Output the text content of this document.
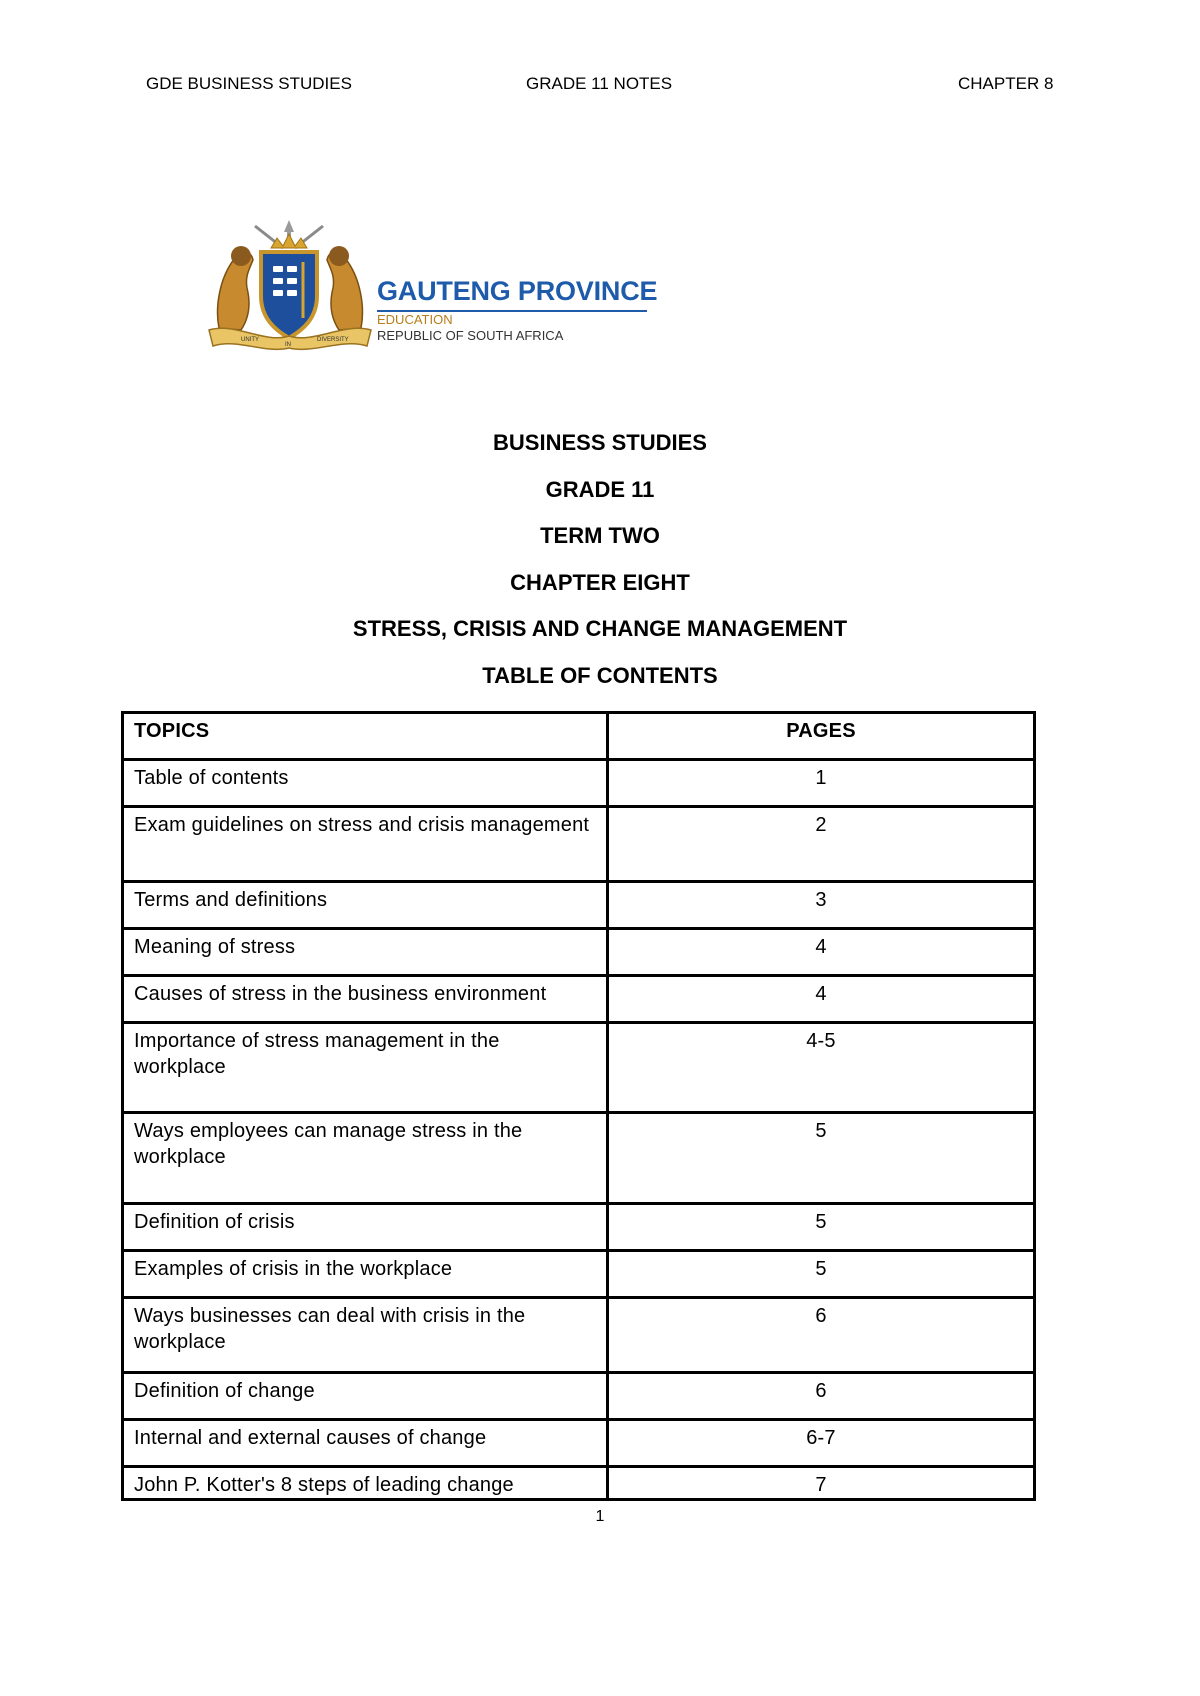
GDE BUSINESS STUDIES	GRADE 11 NOTES	CHAPTER 8
UNITY
IN
DIVERSITY
GAUTENG PROVINCE
EDUCATION
REPUBLIC OF SOUTH AFRICA
BUSINESS STUDIES
GRADE 11
TERM TWO
CHAPTER EIGHT
STRESS, CRISIS AND CHANGE MANAGEMENT
TABLE OF CONTENTS
TOPICS	PAGES
Table of contents	1
Exam guidelines on stress and crisis management	2
Terms and definitions	3
Meaning of stress	4
Causes of stress in the business environment	4
Importance of stress management in the workplace	4-5
Ways employees can manage stress in the workplace	5
Definition of crisis	5
Examples of crisis in the workplace	5
Ways businesses can deal with crisis in the workplace	6
Definition of change	6
Internal and external causes of change	6-7
John P. Kotter's 8 steps of leading change	7
1
